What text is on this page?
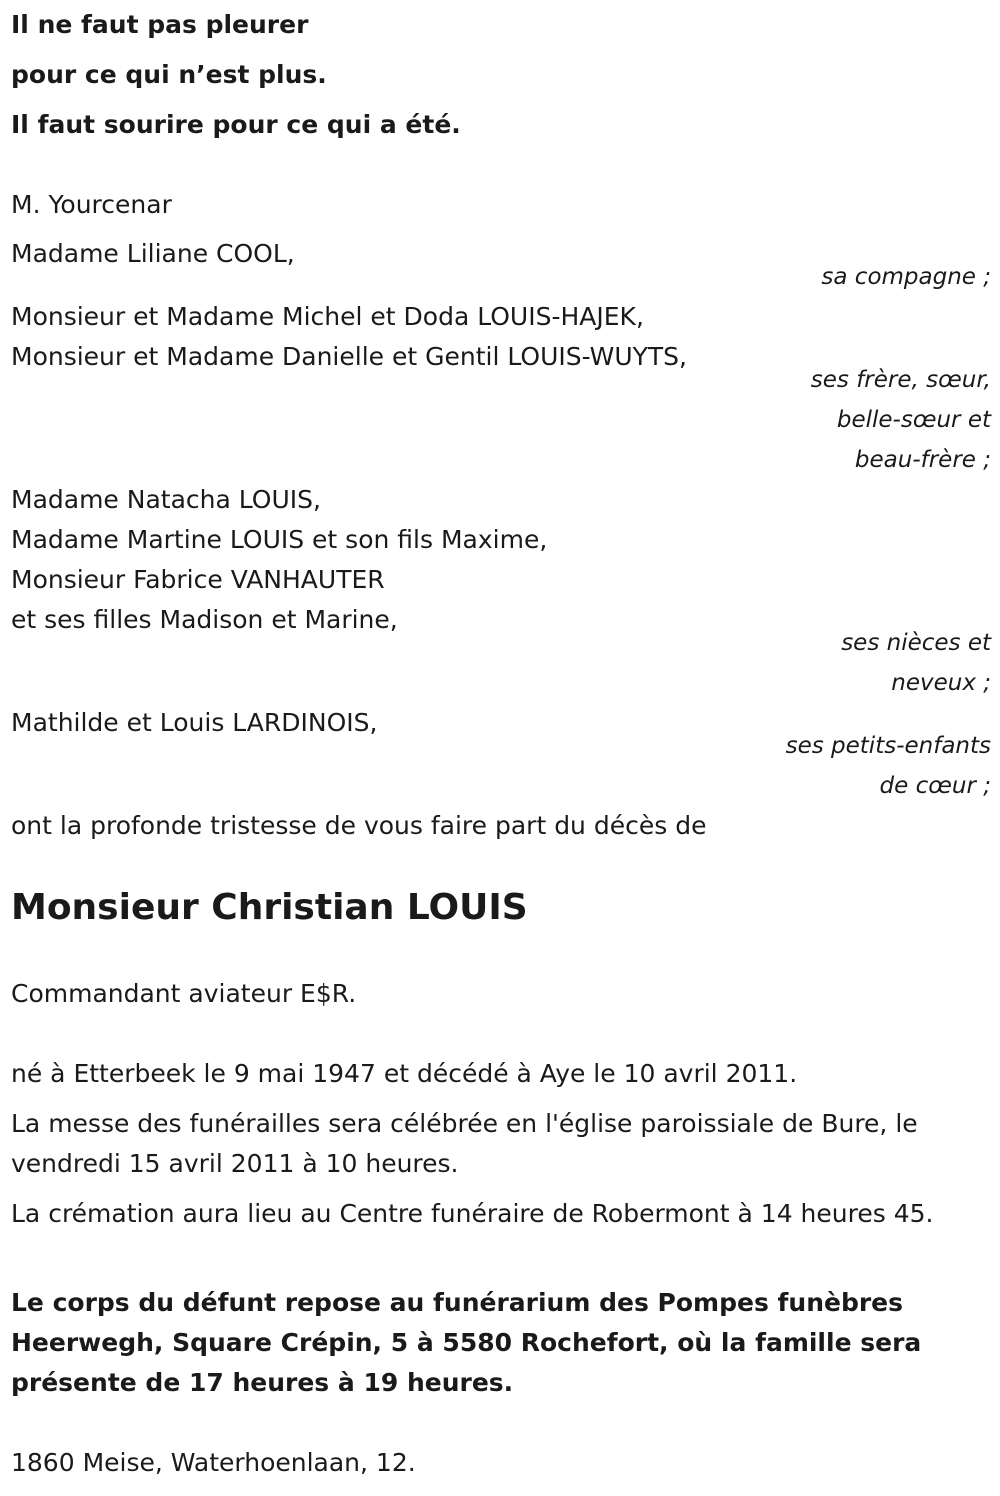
Il ne faut pas pleurer
pour ce qui n’est plus.
Il faut sourire pour ce qui a été.
M. Yourcenar
Madame Liliane COOL,
sa compagne ;
Monsieur et Madame Michel et Doda LOUIS-HAJEK,
Monsieur et Madame Danielle et Gentil LOUIS-WUYTS,
ses frère, sœur,
belle-sœur et
beau-frère ;
Madame Natacha LOUIS,
Madame Martine LOUIS et son fils Maxime,
Monsieur Fabrice VANHAUTER
et ses filles Madison et Marine,
ses nièces et
neveux ;
Mathilde et Louis LARDINOIS,
ses petits-enfants
de cœur ;
ont la profonde tristesse de vous faire part du décès de
Monsieur Christian LOUIS
Commandant aviateur E$R.
né à Etterbeek le 9 mai 1947 et décédé à Aye le 10 avril 2011.
La messe des funérailles sera célébrée en l'église paroissiale de Bure, le vendredi 15 avril 2011 à 10 heures.
La crémation aura lieu au Centre funéraire de Robermont à 14 heures 45.
Le corps du défunt repose au funérarium des Pompes funèbres Heerwegh, Square Crépin, 5 à 5580 Rochefort, où la famille sera présente de 17 heures à 19 heures.
1860 Meise, Waterhoenlaan, 12.
